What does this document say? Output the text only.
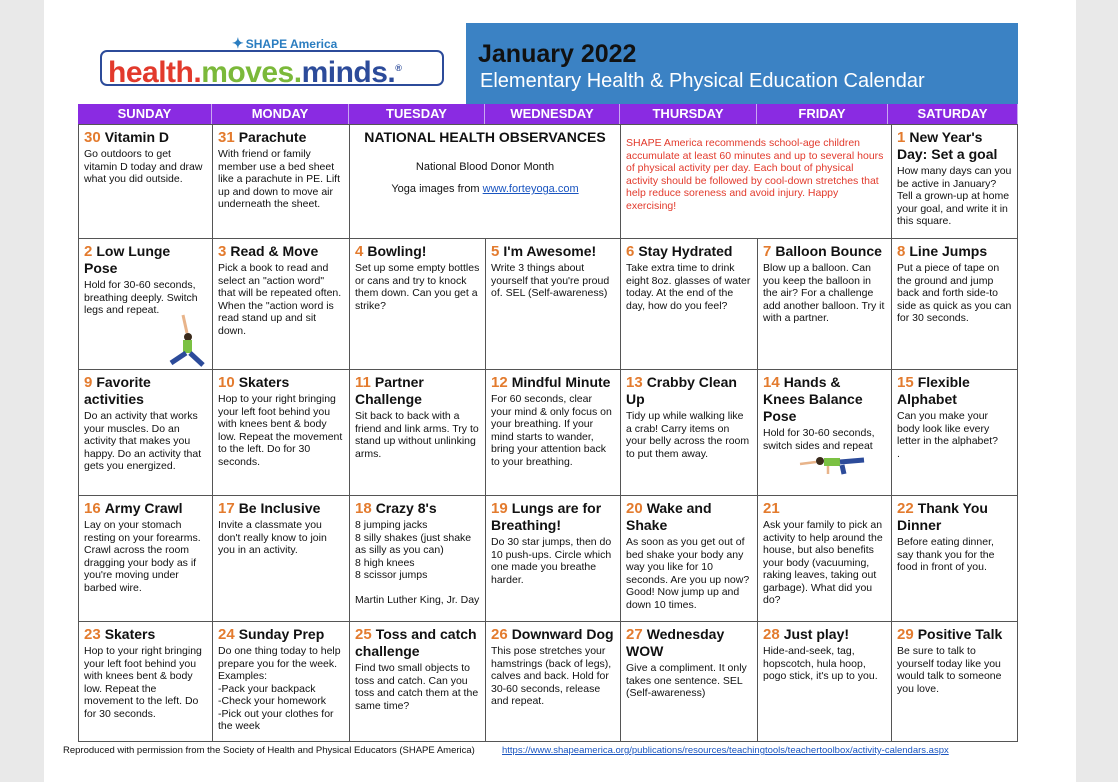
✦ SHAPE America
health.moves.minds.®	January 2022
Elementary Health & Physical Education Calendar
SUNDAY	MONDAY	TUESDAY	WEDNESDAY	THURSDAY	FRIDAY	SATURDAY
30 Vitamin D
Go outdoors to get vitamin D today and draw what you did outside.
31 Parachute
With friend or family member use a bed sheet like a parachute in PE. Lift up and down to move air underneath the sheet.
NATIONAL HEALTH OBSERVANCES
National Blood Donor Month
Yoga images from www.forteyoga.com
SHAPE America recommends school-age children accumulate at least 60 minutes and up to several hours of physical activity per day. Each bout of physical activity should be followed by cool-down stretches that help reduce soreness and avoid injury. Happy exercising!
1 New Year's Day: Set a goal
How many days can you be active in January? Tell a grown-up at home your goal, and write it in this square.
2 Low Lunge Pose
Hold for 30-60 seconds, breathing deeply. Switch legs and repeat.
3 Read & Move
Pick a book to read and select an "action word" that will be repeated often. When the "action word is read stand up and sit down.
4 Bowling!
Set up some empty bottles or cans and try to knock them down. Can you get a strike?
5 I'm Awesome!
Write 3 things about yourself that you're proud of. SEL (Self-awareness)
6 Stay Hydrated
Take extra time to drink eight 8oz. glasses of water today. At the end of the day, how do you feel?
7 Balloon Bounce
Blow up a balloon. Can you keep the balloon in the air? For a challenge add another balloon. Try it with a partner.
8 Line Jumps
Put a piece of tape on the ground and jump back and forth side-to side as quick as you can for 30 seconds.
9 Favorite activities
Do an activity that works your muscles. Do an activity that makes you happy. Do an activity that gets you energized.
10 Skaters
Hop to your right bringing your left foot behind you with knees bent & body low. Repeat the movement to the left. Do for 30 seconds.
11 Partner Challenge
Sit back to back with a friend and link arms. Try to stand up without unlinking arms.
12 Mindful Minute
For 60 seconds, clear your mind & only focus on your breathing. If your mind starts to wander, bring your attention back to your breathing.
13 Crabby Clean Up
Tidy up while walking like a crab! Carry items on your belly across the room to put them away.
14 Hands & Knees Balance Pose
Hold for 30-60 seconds, switch sides and repeat
15 Flexible Alphabet
Can you make your body look like every letter in the alphabet?
.
16 Army Crawl
Lay on your stomach resting on your forearms. Crawl across the room dragging your body as if you're moving under barbed wire.
17 Be Inclusive
Invite a classmate you don't really know to join you in an activity.
18 Crazy 8's
8 jumping jacks
8 silly shakes (just shake as silly as you can)
8 high knees
8 scissor jumps

Martin Luther King, Jr. Day
19 Lungs are for Breathing!
Do 30 star jumps, then do 10 push-ups. Circle which one made you breathe harder.
20 Wake and Shake
As soon as you get out of bed shake your body any way you like for 10 seconds. Are you up now? Good! Now jump up and down 10 times.
21
Ask your family to pick an activity to help around the house, but also benefits your body (vacuuming, raking leaves, taking out garbage). What did you do?
22 Thank You Dinner
Before eating dinner, say thank you for the food in front of you.
23 Skaters
Hop to your right bringing your left foot behind you with knees bent & body low. Repeat the movement to the left. Do for 30 seconds.
24 Sunday Prep
Do one thing today to help prepare you for the week. Examples:
-Pack your backpack
-Check your homework
-Pick out your clothes for the week
25 Toss and catch challenge
Find two small objects to toss and catch. Can you toss and catch them at the same time?
26 Downward Dog
This pose stretches your hamstrings (back of legs), calves and back. Hold for 30-60 seconds, release and repeat.
27 Wednesday WOW
Give a compliment. It only takes one sentence. SEL (Self-awareness)
28 Just play!
Hide-and-seek, tag, hopscotch, hula hoop, pogo stick, it's up to you.
29 Positive Talk
Be sure to talk to yourself today like you would talk to someone you love.
Reproduced with permission from the Society of Health and Physical Educators (SHAPE America)	https://www.shapeamerica.org/publications/resources/teachingtools/teachertoolbox/activity-calendars.aspx
